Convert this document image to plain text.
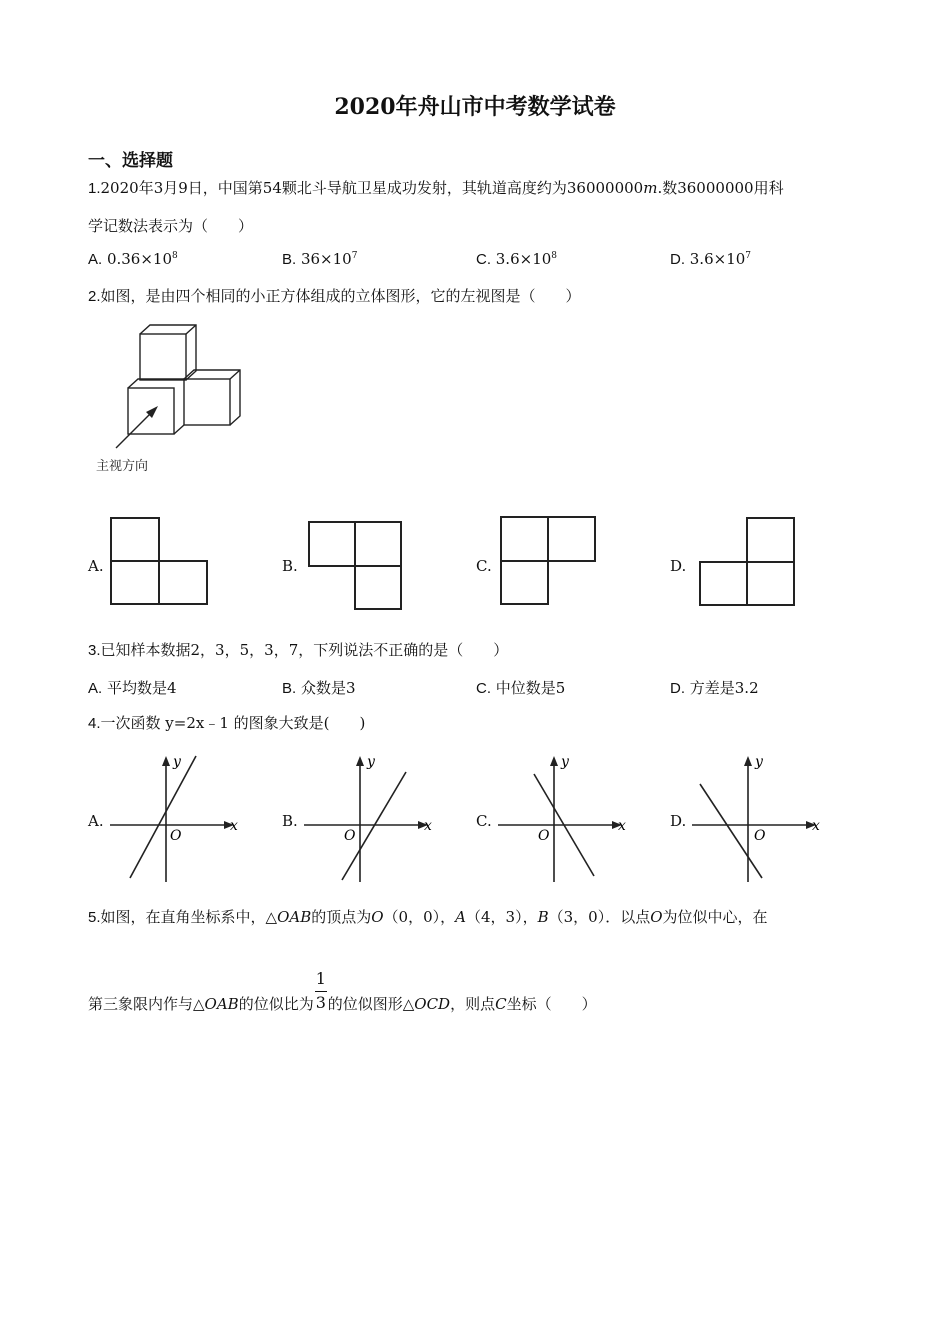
2020年舟山市中考数学试卷
一、选择题
1.2020年3月9日，中国第54颗北斗导航卫星成功发射，其轨道高度约为36000000m.数36000000用科
学记数法表示为（　　）
A. $0.36\times 10^8$	B. $36\times 10^7$	C. $3.6\times 10^8$	D. $3.6\times 10^7$
2.如图，是由四个相同的小正方体组成的立体图形，它的左视图是（　　）
主视方向
A.	B.	C.	D.
3.已知样本数据2，3，5，3，7，下列说法不正确的是（　　）
A. 平均数是4	B. 众数是3	C. 中位数是5	D. 方差是3.2
4.一次函数 y=2x﹣1 的图象大致是(　　)
A.
y
x
O
B.
y
x
O
C.
y
x
O
D.
y
x
O
5.如图，在直角坐标系中，△OAB的顶点为O（0，0），A（4，3），B（3，0）．以点O为位似中心，在
第三象限内作与△OAB的位似比为 $\frac{1}{3}$ 的位似图形△OCD，则点C坐标（　　）
